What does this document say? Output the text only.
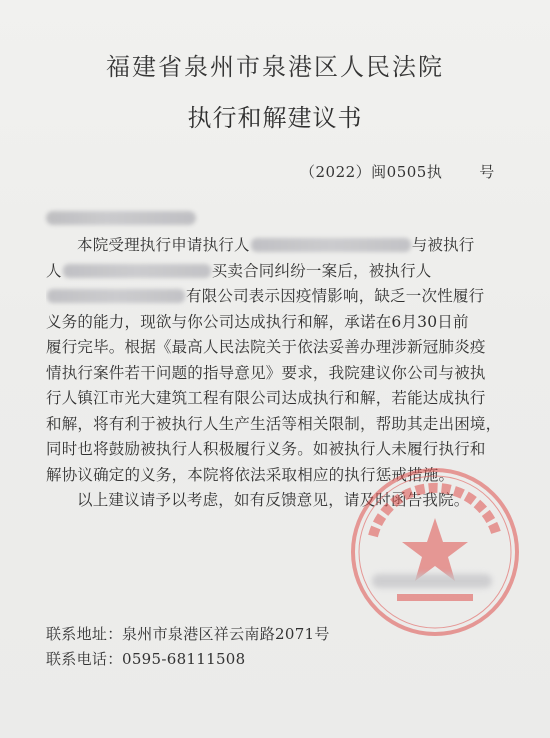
福建省泉州市泉港区人民法院
执行和解建议书
（2022）闽0505执       号
本院受理执行申请执行人	与被执行
人	买卖合同纠纷一案后，被执行人
有限公司表示因疫情影响，缺乏一次性履行
义务的能力，现欲与你公司达成执行和解，承诺在6月30日前
履行完毕。根据《最高人民法院关于依法妥善办理涉新冠肺炎疫
情执行案件若干问题的指导意见》要求，我院建议你公司与被执
行人镇江市光大建筑工程有限公司达成执行和解，若能达成执行
和解，将有利于被执行人生产生活等相关限制，帮助其走出困境，
同时也将鼓励被执行人积极履行义务。如被执行人未履行执行和
解协议确定的义务，本院将依法采取相应的执行惩戒措施。
以上建议请予以考虑，如有反馈意见，请及时函告我院。
联系地址：泉州市泉港区祥云南路2071号
联系电话：0595-68111508
